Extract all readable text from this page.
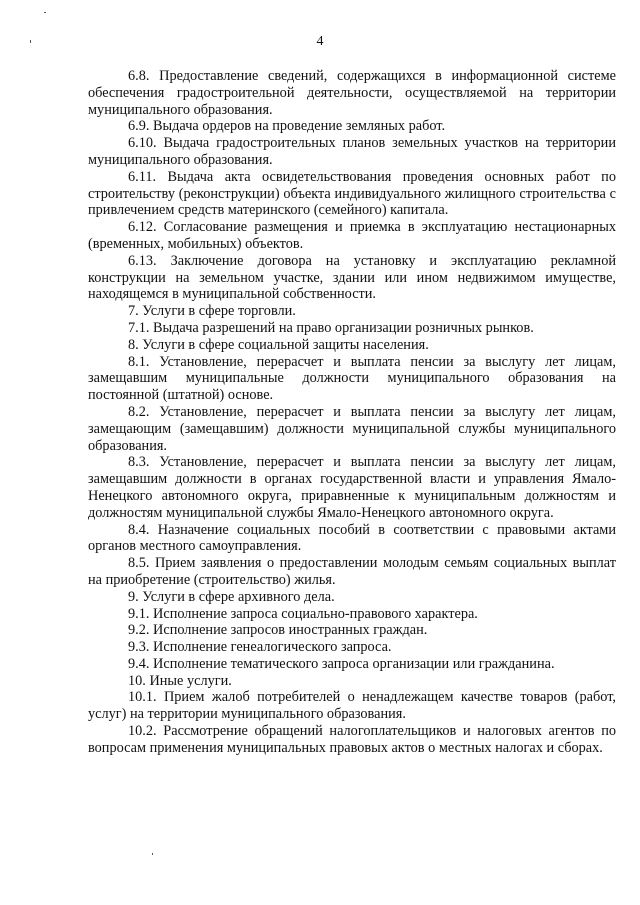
4

6.8. Предоставление сведений, содержащихся в информационной системе обеспечения градостроительной деятельности, осуществляемой на территории муниципального образования.

6.9. Выдача ордеров на проведение земляных работ.

6.10. Выдача градостроительных планов земельных участков на территории муниципального образования.

6.11. Выдача акта освидетельствования проведения основных работ по строительству (реконструкции) объекта индивидуального жилищного строительства с привлечением средств материнского (семейного) капитала.

6.12. Согласование размещения и приемка в эксплуатацию нестационарных (временных, мобильных) объектов.

6.13. Заключение договора на установку и эксплуатацию рекламной конструкции на земельном участке, здании или ином недвижимом имуществе, находящемся в муниципальной собственности.

7. Услуги в сфере торговли.

7.1. Выдача разрешений на право организации розничных рынков.

8. Услуги в сфере социальной защиты населения.

8.1. Установление, перерасчет и выплата пенсии за выслугу лет лицам, замещавшим муниципальные должности муниципального образования на постоянной (штатной) основе.

8.2. Установление, перерасчет и выплата пенсии за выслугу лет лицам, замещающим (замещавшим) должности муниципальной службы муниципального образования.

8.3. Установление, перерасчет и выплата пенсии за выслугу лет лицам, замещавшим должности в органах государственной власти и управления Ямало-Ненецкого автономного округа, приравненные к муниципальным должностям и должностям муниципальной службы Ямало-Ненецкого автономного округа.

8.4. Назначение социальных пособий в соответствии с правовыми актами органов местного самоуправления.

8.5. Прием заявления о предоставлении молодым семьям социальных выплат на приобретение (строительство) жилья.

9. Услуги в сфере архивного дела.

9.1. Исполнение запроса социально-правового характера.

9.2. Исполнение запросов иностранных граждан.

9.3. Исполнение генеалогического запроса.

9.4. Исполнение тематического запроса организации или гражданина.

10. Иные услуги.

10.1. Прием жалоб потребителей о ненадлежащем качестве товаров (работ, услуг) на территории муниципального образования.

10.2. Рассмотрение обращений налогоплательщиков и налоговых агентов по вопросам применения муниципальных правовых актов о местных налогах и сборах.
